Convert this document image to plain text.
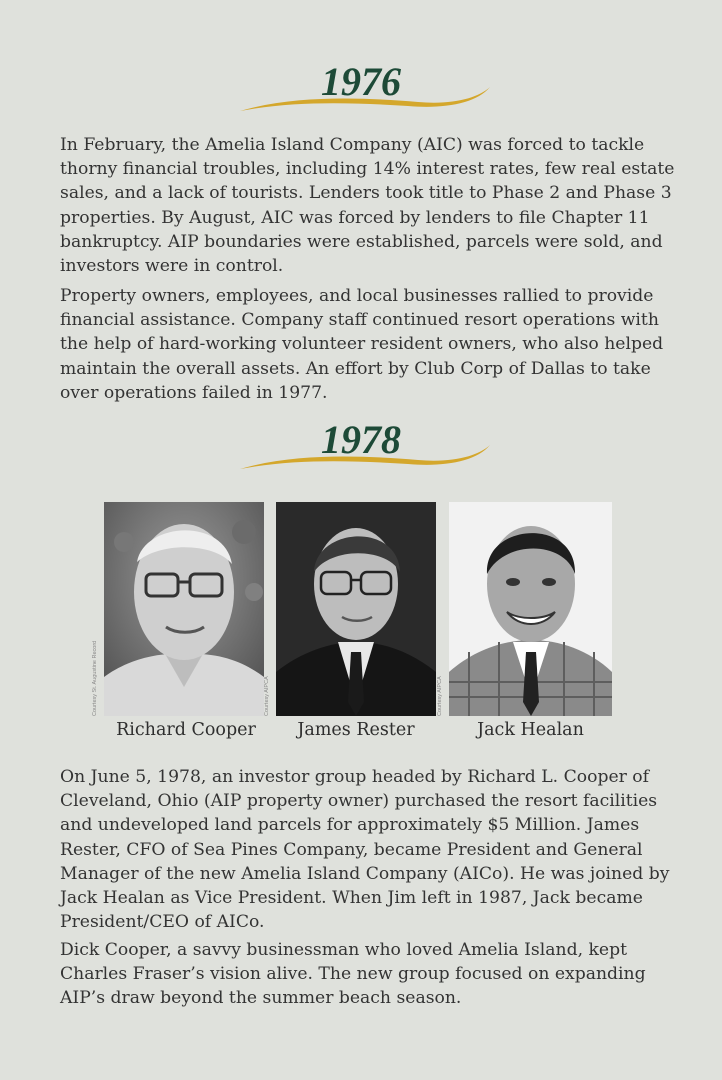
1976

In February, the Amelia Island Company (AIC) was forced to tackle thorny financial troubles, including 14% interest rates, few real estate sales, and a lack of tourists. Lenders took title to Phase 2 and Phase 3 properties. By August, AIC was forced by lenders to file Chapter 11 bankruptcy. AIP boundaries were established, parcels were sold, and investors were in control.

Property owners, employees, and local businesses rallied to provide financial assistance. Company staff continued resort operations with the help of hard-working volunteer resident owners, who also helped maintain the overall assets. An effort by Club Corp of Dallas to take over operations failed in 1977.

1978
Courtesy St. Augustine Record	Courtesy AIPCA	Courtesy AIPCA
Richard Cooper	James Rester	Jack Healan

On June 5, 1978, an investor group headed by Richard L. Cooper of Cleveland, Ohio (AIP property owner) purchased the resort facilities and undeveloped land parcels for approximately $5 Million. James Rester, CFO of Sea Pines Company, became President and General Manager of the new Amelia Island Company (AICo). He was joined by Jack Healan as Vice President. When Jim left in 1987, Jack became President/CEO of AICo.

Dick Cooper, a savvy businessman who loved Amelia Island, kept Charles Fraser’s vision alive. The new group focused on expanding AIP’s draw beyond the summer beach season.
